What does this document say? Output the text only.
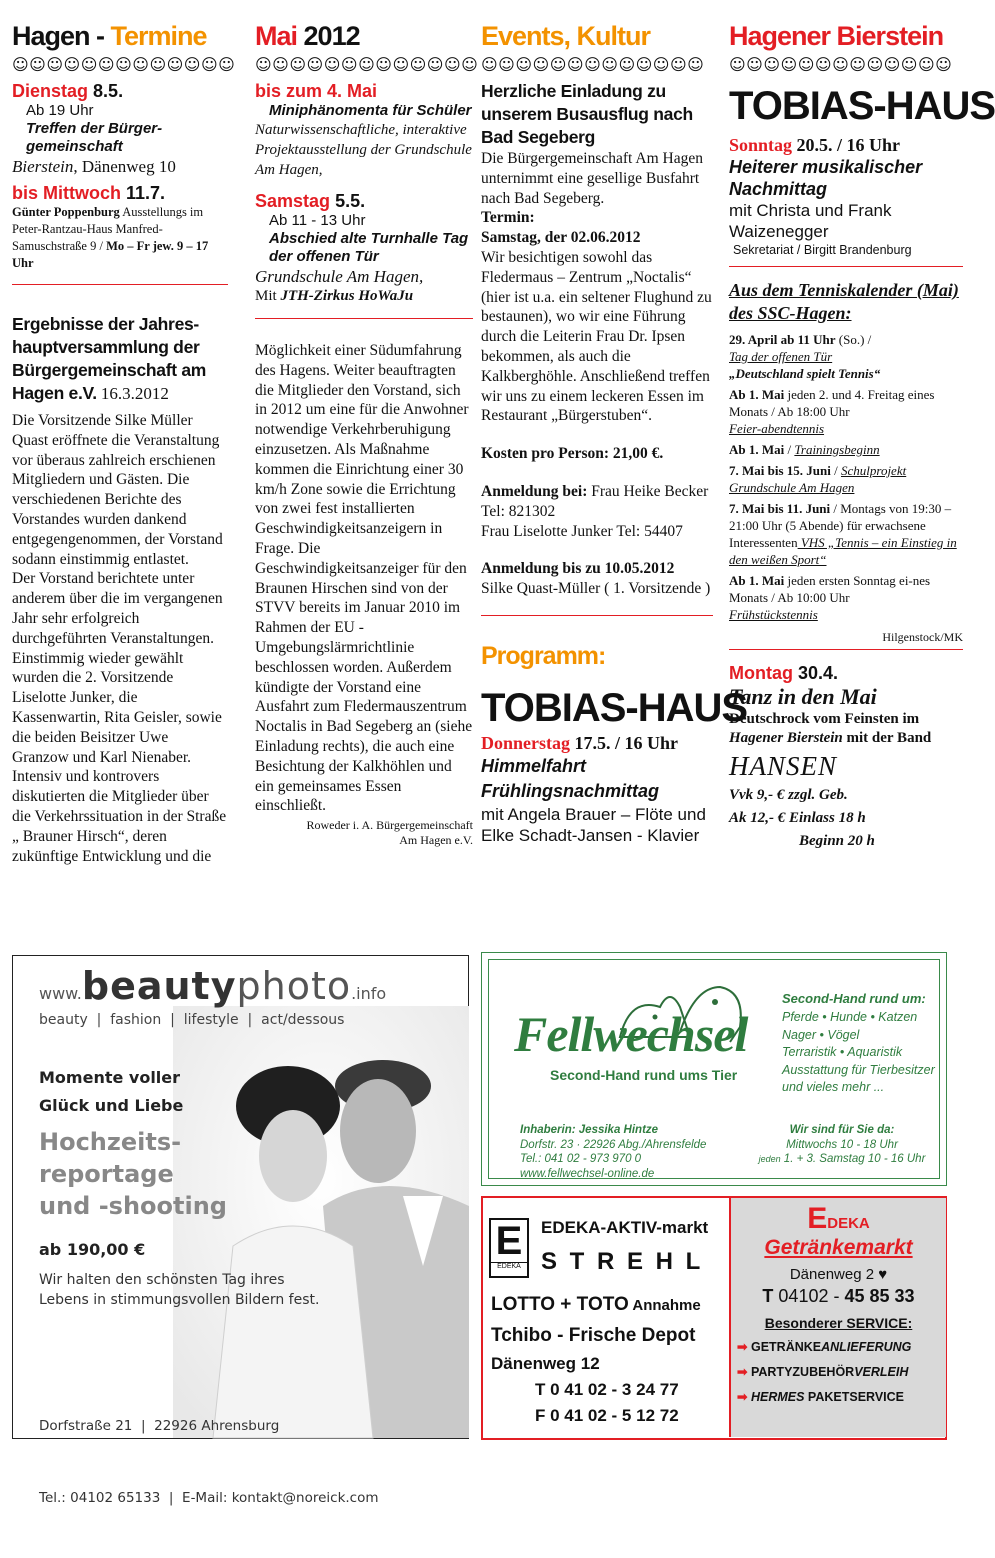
Hagen - Termine
☺☺☺☺☺☺☺☺☺☺☺☺☺
Dienstag 8.5.
Ab 19 Uhr
Treffen der Bürger-gemeinschaft
Bierstein, Dänenweg 10
bis Mittwoch 11.7.
Günter Poppenburg Ausstellungs im Peter-Rantzau-Haus Manfred-Samuschstraße 9 / Mo – Fr jew. 9 – 17 Uhr
Ergebnisse der Jahres-hauptversammlung der Bürgergemeinschaft am Hagen e.V. 16.3.2012
Die Vorsitzende Silke Müller Quast eröffnete die Veranstaltung vor überaus zahlreich erschienen Mitgliedern und Gästen. Die verschiedenen Berichte des Vorstandes wurden dankend entgegengenommen, der Vorstand sodann einstimmig entlastet.
Der Vorstand berichtete unter anderem über die im vergangenen Jahr sehr erfolgreich durchgeführten Veranstaltungen. Einstimmig wieder gewählt wurden die 2. Vorsitzende Liselotte Junker, die Kassenwartin, Rita Geisler, sowie die beiden Beisitzer Uwe Granzow und Karl Nienaber.
Intensiv und kontrovers diskutierten die Mitglieder über die Verkehrssituation in der Straße „ Brauner Hirsch“, deren zukünftige Entwicklung und die
Mai 2012
☺☺☺☺☺☺☺☺☺☺☺☺☺
bis zum 4. Mai
Miniphänomenta für Schüler
Naturwissenschaftliche, interaktive Projektausstellung der Grundschule Am Hagen,
Samstag 5.5.
Ab 11 - 13 Uhr
Abschied alte Turnhalle Tag der offenen Tür
Grundschule Am Hagen,
Mit JTH-Zirkus HoWaJu
Möglichkeit einer Südumfahrung des Hagens. Weiter beauftragten die Mitglieder den Vorstand, sich in 2012 um eine für die Anwohner notwendige Verkehrberuhigung einzusetzen. Als Maßnahme kommen die Einrichtung einer 30 km/h Zone sowie die Errichtung von zwei fest installierten Geschwindigkeitsanzeigern in Frage. Die Geschwindigkeitsanzeiger für den Braunen Hirschen sind von der STVV bereits im Januar 2010 im Rahmen der EU - Umgebungslärmrichtlinie beschlossen worden. Außerdem kündigte der Vorstand eine Ausfahrt zum Fledermauszentrum Noctalis in Bad Segeberg an (siehe Einladung rechts), die auch eine Besichtung der Kalkhöhlen und ein gemeinsames Essen einschließt.
Roweder i. A. Bürgergemeinschaft
Am Hagen e.V.
Events, Kultur
☺☺☺☺☺☺☺☺☺☺☺☺☺
Herzliche Einladung zu unserem Busausflug nach Bad Segeberg
Die Bürgergemeinschaft Am Hagen unternimmt eine gesellige Busfahrt nach Bad Segeberg.
Termin:
Samstag, der 02.06.2012
Wir besichtigen sowohl das Fledermaus – Zentrum „Noctalis“ (hier ist u.a. ein seltener Flughund zu bestaunen), wo wir eine Führung durch die Leiterin Frau Dr. Ipsen bekommen, als auch die Kalkberghöhle. Anschließend treffen wir uns zu einem leckeren Essen im Restaurant „Bürgerstuben“.
Kosten pro Person: 21,00 €.
Anmeldung bei: Frau Heike Becker Tel: 821302
Frau Liselotte Junker Tel: 54407
Anmeldung bis zu 10.05.2012
Silke Quast-Müller ( 1. Vorsitzende )
Programm:
TOBIAS-HAUS
Donnerstag 17.5. / 16 Uhr
Himmelfahrt
Frühlingsnachmittag
mit Angela Brauer – Flöte und Elke Schadt-Jansen - Klavier
Hagener Bierstein
☺☺☺☺☺☺☺☺☺☺☺☺☺
TOBIAS-HAUS
Sonntag 20.5. / 16 Uhr
Heiterer musikalischer Nachmittag
mit Christa und Frank Waizenegger
Sekretariat / Birgitt Brandenburg
Aus dem Tenniskalender (Mai) des SSC-Hagen:
29. April ab 11 Uhr (So.) /
Tag der offenen Tür
„Deutschland spielt Tennis“
Ab 1. Mai jeden 2. und 4. Freitag eines Monats / Ab 18:00 Uhr
Feier-abendtennis
Ab 1. Mai / Trainingsbeginn
7. Mai bis 15. Juni / Schulprojekt Grundschule Am Hagen
7. Mai bis 11. Juni / Montags von 19:30 – 21:00 Uhr (5 Abende) für erwachsene Interessenten VHS „Tennis – ein Einstieg in den weißen Sport“
Ab 1. Mai jeden ersten Sonntag ei-nes Monats / Ab 10:00 Uhr
Frühstückstennis
Hilgenstock/MK
Montag 30.4.
Tanz in den Mai
Deutschrock vom Feinsten im Hagener Bierstein mit der Band
HANSEN
Vvk 9,- € zzgl. Geb.
Ak 12,- € Einlass 18 h
Beginn 20 h
www.beautyphoto.info
beauty  |  fashion  |  lifestyle  |  act/dessous
Momente voller
Glück und Liebe
Hochzeits-
reportage
und -shooting
ab 190,00 €
Wir halten den schönsten Tag ihres
Lebens in stimmungsvollen Bildern fest.

Dorfstraße 21  |  22926 Ahrensburg

Tel.: 04102 65133  |  E-Mail: kontakt@noreick.com

Fellwechsel
Second-Hand rund ums Tier
Second-Hand rund um:
Pferde • Hunde • Katzen
Nager • Vögel
Terraristik • Aquaristik
Ausstattung für Tierbesitzer
und vieles mehr ...
Inhaberin: Jessika Hintze
Dorfstr. 23 · 22926 Abg./Ahrensfelde
Tel.: 041 02 - 973 970 0
www.fellwechsel-online.de
Wir sind für Sie da:
Mittwochs 10 - 18 Uhr
jeden 1. + 3. Samstag 10 - 16 Uhr
E
EDEKA
EDEKA-AKTIV-markt
S T R E H L
LOTTO + TOTO Annahme
Tchibo - Frische Depot
Dänenweg 12
T 0 41 02 - 3 24 77
F 0 41 02 - 5 12 72
EDEKA
Getränkemarkt
Dänenweg 2 ♥
T 04102 - 45 85 33
Besonderer SERVICE:
➡ GETRÄNKEANLIEFERUNG
➡ PARTYZUBEHÖRVERLEIH
➡ HERMES PAKETSERVICE
